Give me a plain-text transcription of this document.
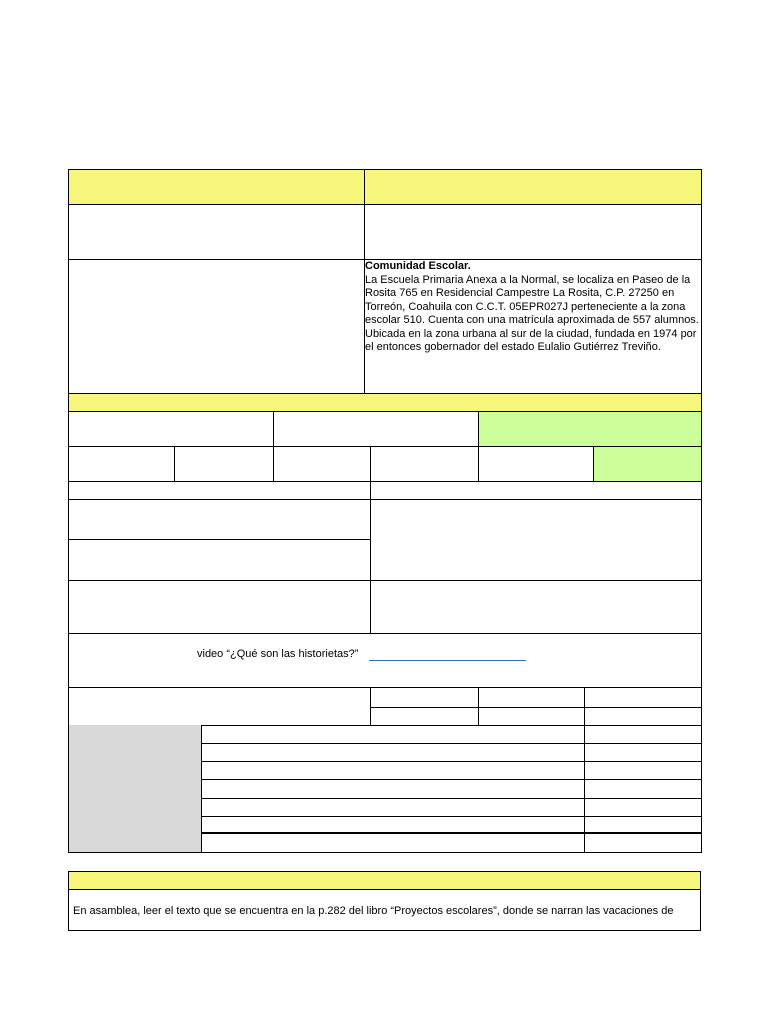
Comunidad Escolar.
La Escuela Primaria Anexa a la Normal, se localiza en Paseo de la Rosita 765 en Residencial Campestre La Rosita, C.P. 27250 en Torreón, Coahuila con C.C.T. 05EPR027J perteneciente a la zona escolar 510. Cuenta con una matrícula aproximada de 557 alumnos. Ubicada en la zona urbana al sur de la ciudad, fundada en 1974 por el entonces gobernador del estado Eulalio Gutiérrez Treviño.
video “¿Qué son las historietas?”
En asamblea, leer el texto que se encuentra en la p.282 del libro “Proyectos escolares”, donde se narran las vacaciones de
